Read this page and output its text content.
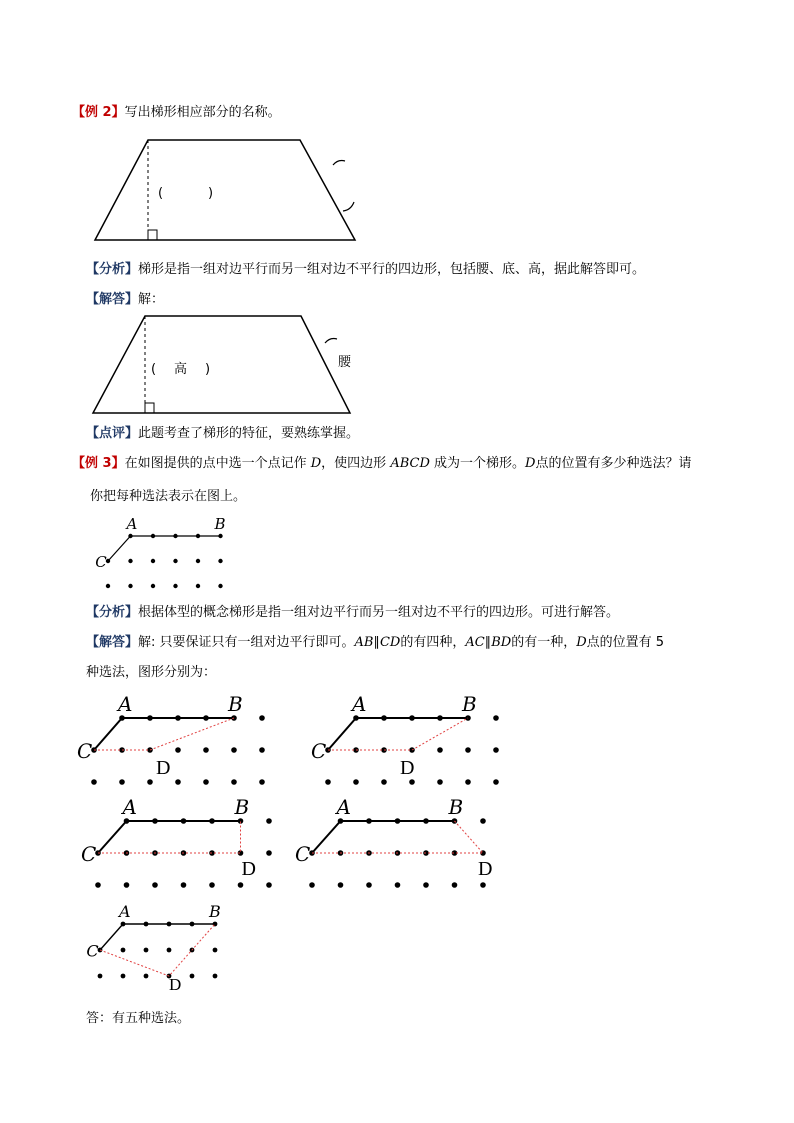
【例 2】写出梯形相应部分的名称。
(	)
【分析】梯形是指一组对边平行而另一组对边不平行的四边形，包括腰、底、高，据此解答即可。
【解答】解：
( 高 )	腰
【点评】此题考查了梯形的特征，要熟练掌握。
【例 3】在如图提供的点中选一个点记作 D，使四边形 ABCD 成为一个梯形。D点的位置有多少种选法？请
你把每种选法表示在图上。
A	B
C
【分析】根据体型的概念梯形是指一组对边平行而另一组对边不平行的四边形。可进行解答。
【解答】解: 只要保证只有一组对边平行即可。AB∥CD的有四种，AC∥BD的有一种，D点的位置有 5
种选法，图形分别为：
D
A	B
C
D
A	B
C
D
A	B
C
D
A	B
C
D
A	B
C
答：有五种选法。
